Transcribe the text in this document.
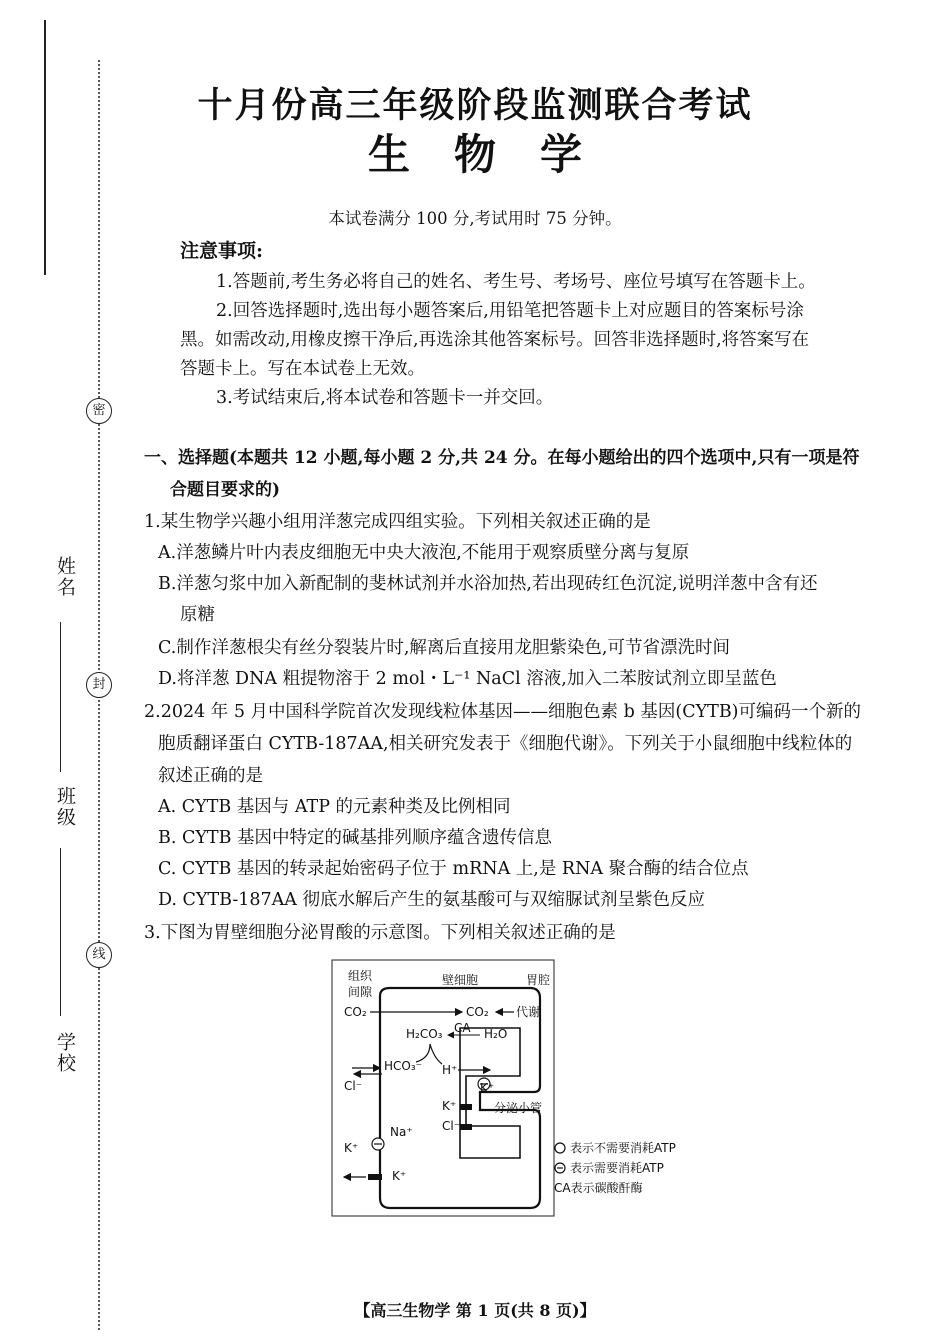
密
封
线
姓名
班级
学校
十月份高三年级阶段监测联合考试
生物学
本试卷满分 100 分,考试用时 75 分钟。
注意事项:
1.答题前,考生务必将自己的姓名、考生号、考场号、座位号填写在答题卡上。
2.回答选择题时,选出每小题答案后,用铅笔把答题卡上对应题目的答案标号涂
黑。如需改动,用橡皮擦干净后,再选涂其他答案标号。回答非选择题时,将答案写在
答题卡上。写在本试卷上无效。
3.考试结束后,将本试卷和答题卡一并交回。
一、选择题(本题共 12 小题,每小题 2 分,共 24 分。在每小题给出的四个选项中,只有一项是符
合题目要求的)
1.某生物学兴趣小组用洋葱完成四组实验。下列相关叙述正确的是
A.洋葱鳞片叶内表皮细胞无中央大液泡,不能用于观察质壁分离与复原
B.洋葱匀浆中加入新配制的斐林试剂并水浴加热,若出现砖红色沉淀,说明洋葱中含有还
原糖
C.制作洋葱根尖有丝分裂装片时,解离后直接用龙胆紫染色,可节省漂洗时间
D.将洋葱 DNA 粗提物溶于 2 mol・L⁻¹ NaCl 溶液,加入二苯胺试剂立即呈蓝色
2.2024 年 5 月中国科学院首次发现线粒体基因——细胞色素 b 基因(CYTB)可编码一个新的
胞质翻译蛋白 CYTB-187AA,相关研究发表于《细胞代谢》。下列关于小鼠细胞中线粒体的
叙述正确的是
A. CYTB 基因与 ATP 的元素种类及比例相同
B. CYTB 基因中特定的碱基排列顺序蕴含遗传信息
C. CYTB 基因的转录起始密码子位于 mRNA 上,是 RNA 聚合酶的结合位点
D. CYTB-187AA 彻底水解后产生的氨基酸可与双缩脲试剂呈紫色反应
3.下图为胃壁细胞分泌胃酸的示意图。下列相关叙述正确的是
组织
间隙
壁细胞	胃腔
CO₂	CO₂ 代谢
H₂CO₃ CA H₂O
HCO₃⁻ H⁺
K⁺
Cl⁻
K⁺
Cl⁻
分泌小管
Na⁺
K⁺
K⁺
表示不需要消耗ATP
表示需要消耗ATP
CA表示碳酸酐酶
【高三生物学 第 1 页(共 8 页)】
